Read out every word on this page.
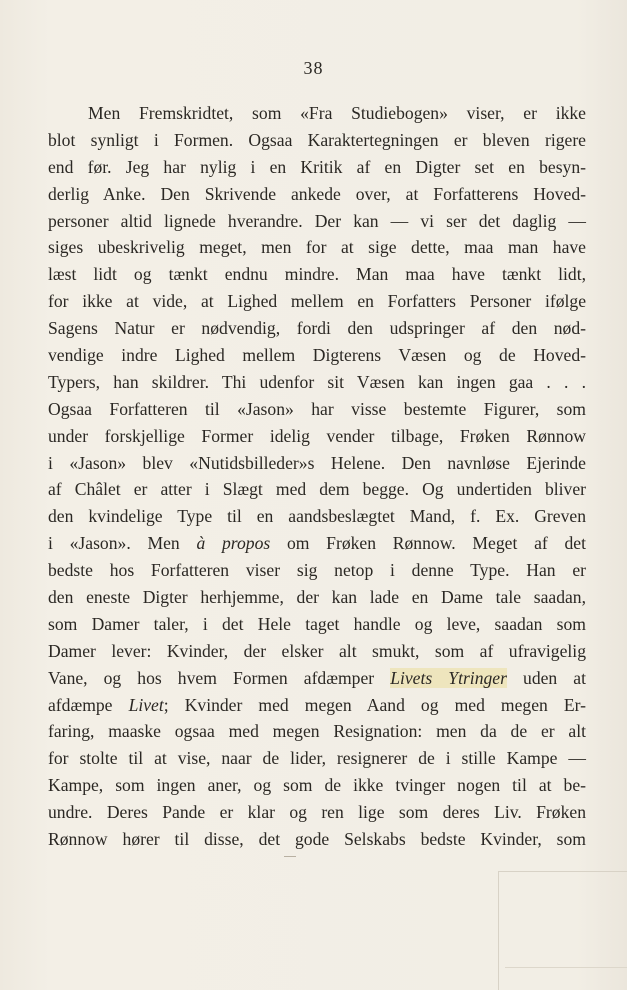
38
Men Fremskridtet, som «Fra Studiebogen» viser, er ikke
blot synligt i Formen. Ogsaa Karaktertegningen er bleven rigere
end før. Jeg har nylig i en Kritik af en Digter set en besyn-
derlig Anke. Den Skrivende ankede over, at Forfatterens Hoved-
personer altid lignede hverandre. Der kan — vi ser det daglig —
siges ubeskrivelig meget, men for at sige dette, maa man have
læst lidt og tænkt endnu mindre. Man maa have tænkt lidt,
for ikke at vide, at Lighed mellem en Forfatters Personer ifølge
Sagens Natur er nødvendig, fordi den udspringer af den nød-
vendige indre Lighed mellem Digterens Væsen og de Hoved-
Typers, han skildrer. Thi udenfor sit Væsen kan ingen gaa . . .
Ogsaa Forfatteren til «Jason» har visse bestemte Figurer, som
under forskjellige Former idelig vender tilbage, Frøken Rønnow
i «Jason» blev «Nutidsbilleder»s Helene. Den navnløse Ejerinde
af Châlet er atter i Slægt med dem begge. Og undertiden bliver
den kvindelige Type til en aandsbeslægtet Mand, f. Ex. Greven
i «Jason». Men à propos om Frøken Rønnow. Meget af det
bedste hos Forfatteren viser sig netop i denne Type. Han er
den eneste Digter herhjemme, der kan lade en Dame tale saadan,
som Damer taler, i det Hele taget handle og leve, saadan som
Damer lever: Kvinder, der elsker alt smukt, som af ufravigelig
Vane, og hos hvem Formen afdæmper Livets Ytringer uden at
afdæmpe Livet; Kvinder med megen Aand og med megen Er-
faring, maaske ogsaa med megen Resignation: men da de er alt
for stolte til at vise, naar de lider, resignerer de i stille Kampe —
Kampe, som ingen aner, og som de ikke tvinger nogen til at be-
undre. Deres Pande er klar og ren lige som deres Liv. Frøken
Rønnow hører til disse, det gode Selskabs bedste Kvinder, som
